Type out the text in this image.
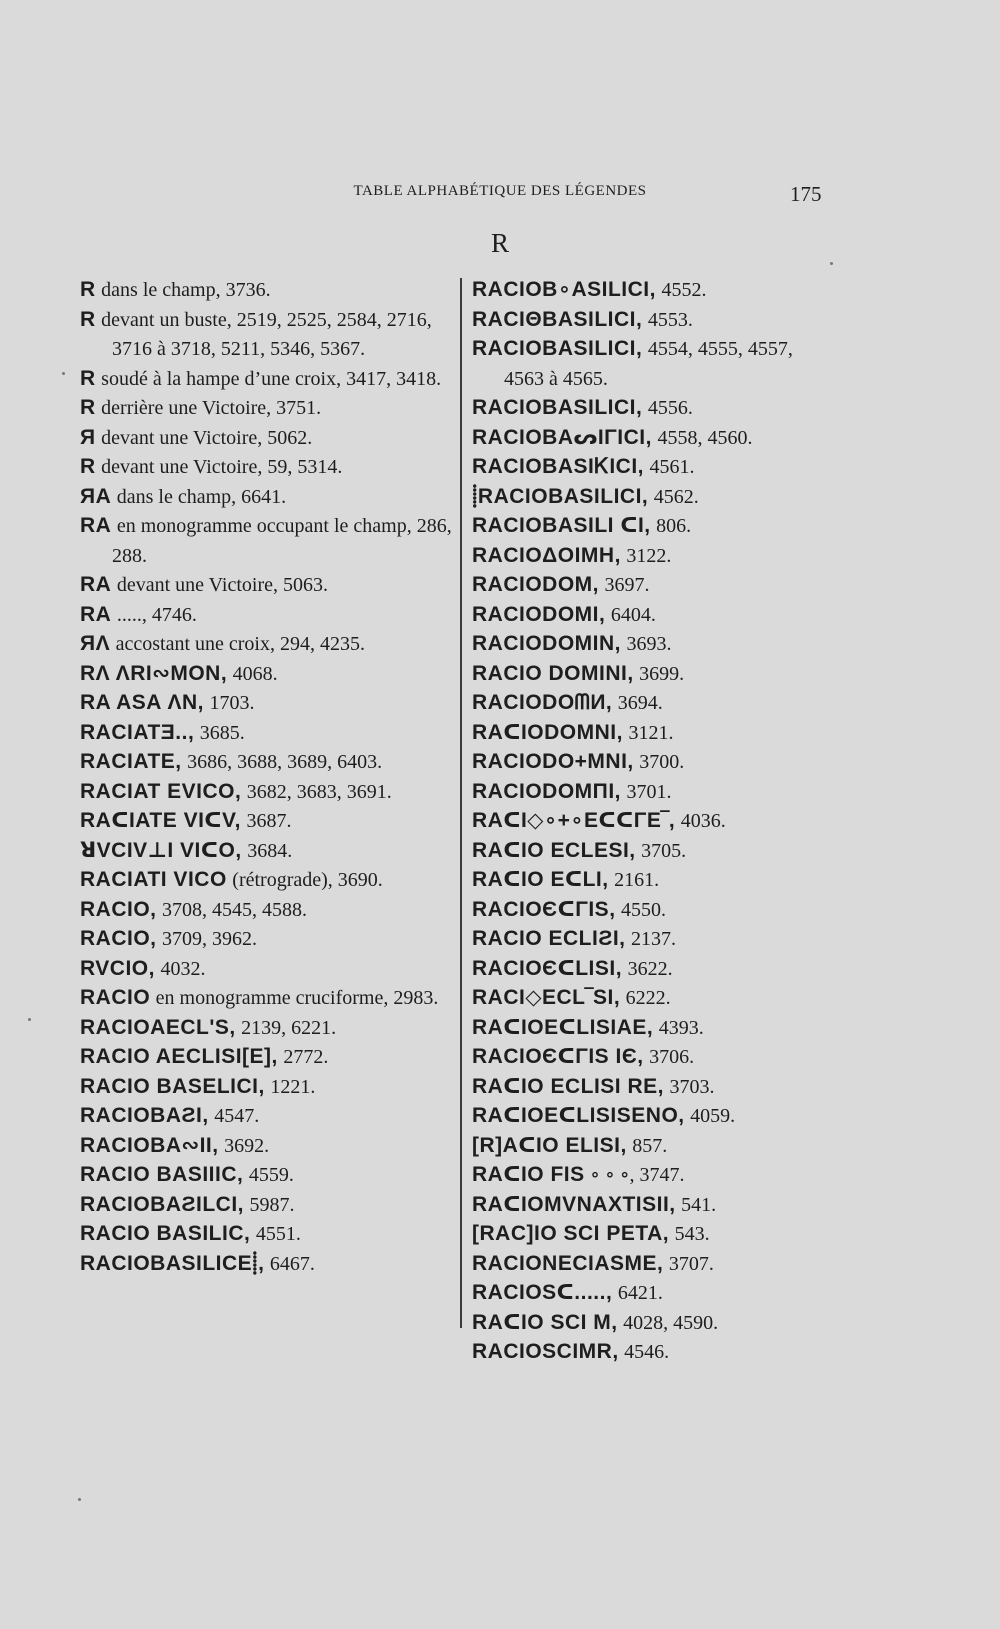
TABLE ALPHABÉTIQUE DES LÉGENDES	175
R

R dans le champ, 3736.

R devant un buste, 2519, 2525, 2584, 2716, 3716 à 3718, 5211, 5346, 5367.

R soudé à la hampe d’une croix, 3417, 3418.

R derrière une Victoire, 3751.

Я devant une Victoire, 5062.

R devant une Victoire, 59, 5314.

ЯA dans le champ, 6641.

RA en monogramme occupant le champ, 286, 288.

RA devant une Victoire, 5063.

RA ....., 4746.

ЯΛ accostant une croix, 294, 4235.

RΛ ΛRI∾MON, 4068.

RA ASA ΛN, 1703.

RACIATƎ.., 3685.

RACIATE, 3686, 3688, 3689, 6403.

RACIAT EVICO, 3682, 3683, 3691.

RAᑕIATE VIᑕV, 3687.

ꓤVCIV⊥I VIᑕO, 3684.

RACIATI VICO (rétrograde), 3690.

RACIO, 3708, 4545, 4588.

RACIO, 3709, 3962.

RVCIO, 4032.

RACIO en monogramme cruciforme, 2983.

RACIOAECL'S, 2139, 6221.

RACIO AECLISI[E], 2772.

RACIO BASELICI, 1221.

RACIOBAƧI, 4547.

RACIOBA∾II, 3692.

RACIO BASIIIC, 4559.

RACIOBAƧILCI, 5987.

RACIO BASILIC, 4551.

RACIOBASILICE⸽, 6467.

RACIOB∘ASILICI, 4552.

RACIΘBASILICI, 4553.

RACIOBASILICI, 4554, 4555, 4557, 4563 à 4565.

RACIOBASILICI, 4556.

RACIOBAᔕIΓICI, 4558, 4560.

RACIOBASIᏦICI, 4561.

⸽RACIOBASILICI, 4562.

RACIOBASILI ᑕI, 806.

RACIOΔOIMH, 3122.

RACIODOM, 3697.

RACIODOMI, 6404.

RACIODOMIN, 3693.

RACIO DOMINI, 3699.

RACIODOᗰИ, 3694.

RAᑕIODOMNI, 3121.

RACIODO+MNI, 3700.

RACIODOMΠI, 3701.

RAᑕI◇∘+∘EᑕᑕΓE‾, 4036.

RAᑕIO ECLESI, 3705.

RAᑕIO EᑕLI, 2161.

RACIOЄᑕΓIS, 4550.

RACIO ECLIƧI, 2137.

RACIOЄᑕLISI, 3622.

RACI◇ECL‾SI, 6222.

RAᑕIOEᑕLISIAE, 4393.

RACIOЄᑕΓIS IЄ, 3706.

RAᑕIO ECLISI RE, 3703.

RAᑕIOEᑕLISISENO, 4059.

[R]AᑕIO ELISI, 857.

RAᑕIO FIS ∘ ∘ ∘, 3747.

RAᑕIOMVNAXTISII, 541.

[RAC]IO SCI PETA, 543.

RACIONECIASME, 3707.

RACIOSᑕ....., 6421.

RAᑕIO SCI M, 4028, 4590.

RACIOSCIMR, 4546.
